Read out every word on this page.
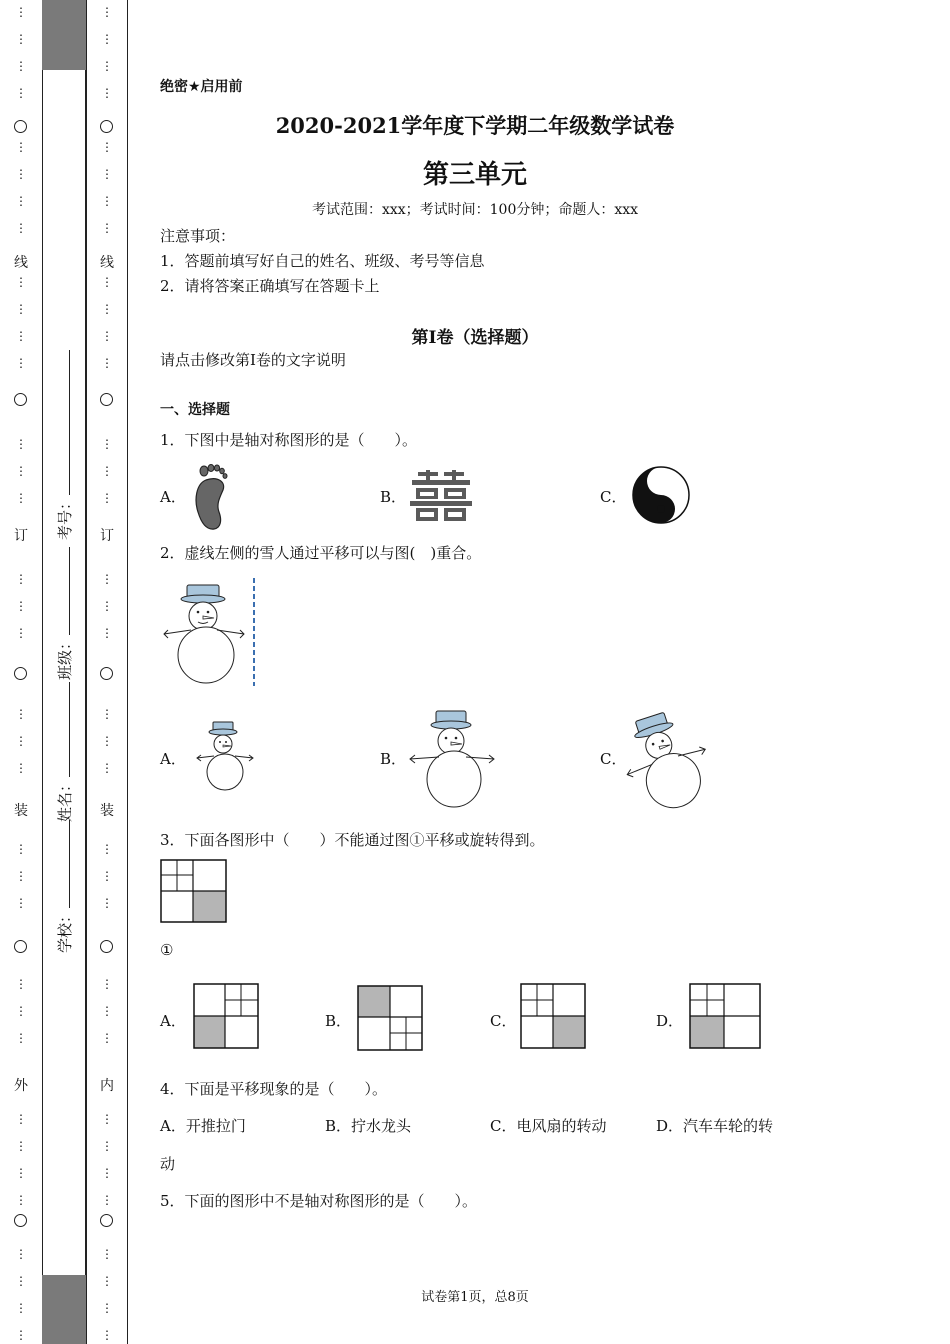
⋮
⋮
⋮
⋮
⋮
⋮
⋮
⋮
⋮
⋮
⋮
⋮
⋮
⋮
⋮
⋮
⋮
⋮
⋮
⋮
⋮
⋮
⋮
⋮
⋮
⋮
⋮
⋮
⋮
⋮
⋮
⋮
⋮
⋮
⋮
⋮
⋮
⋮
⋮
⋮
⋮
⋮
⋮
⋮
⋮
⋮
⋮
⋮
⋮
⋮
⋮
⋮
⋮
⋮
⋮
⋮
⋮
⋮
⋮
⋮
⋮
⋮
⋮
⋮
⋮
⋮
⋮
⋮
⋮
⋮
线
订
装
外
线
订
装
内
考号：
班级：
姓名：
学校：
绝密★启用前
2020-2021学年度下学期二年级数学试卷
第三单元
考试范围：xxx；考试时间：100分钟；命题人：xxx
注意事项：
1．答题前填写好自己的姓名、班级、考号等信息
2．请将答案正确填写在答题卡上
第I卷（选择题）
请点击修改第I卷的文字说明
一、选择题
1．下图中是轴对称图形的是（　　）。
A．	B．	C．
2．虚线左侧的雪人通过平移可以与图(　)重合。
A．	B．	C．
3．下面各图形中（　　）不能通过图①平移或旋转得到。
①
A．	B．	C．	D．
4．下面是平移现象的是（　　）。
A．开推拉门	B．拧水龙头	C．电风扇的转动	D．汽车车轮的转
动
5．下面的图形中不是轴对称图形的是（　　）。
试卷第1页，总8页
